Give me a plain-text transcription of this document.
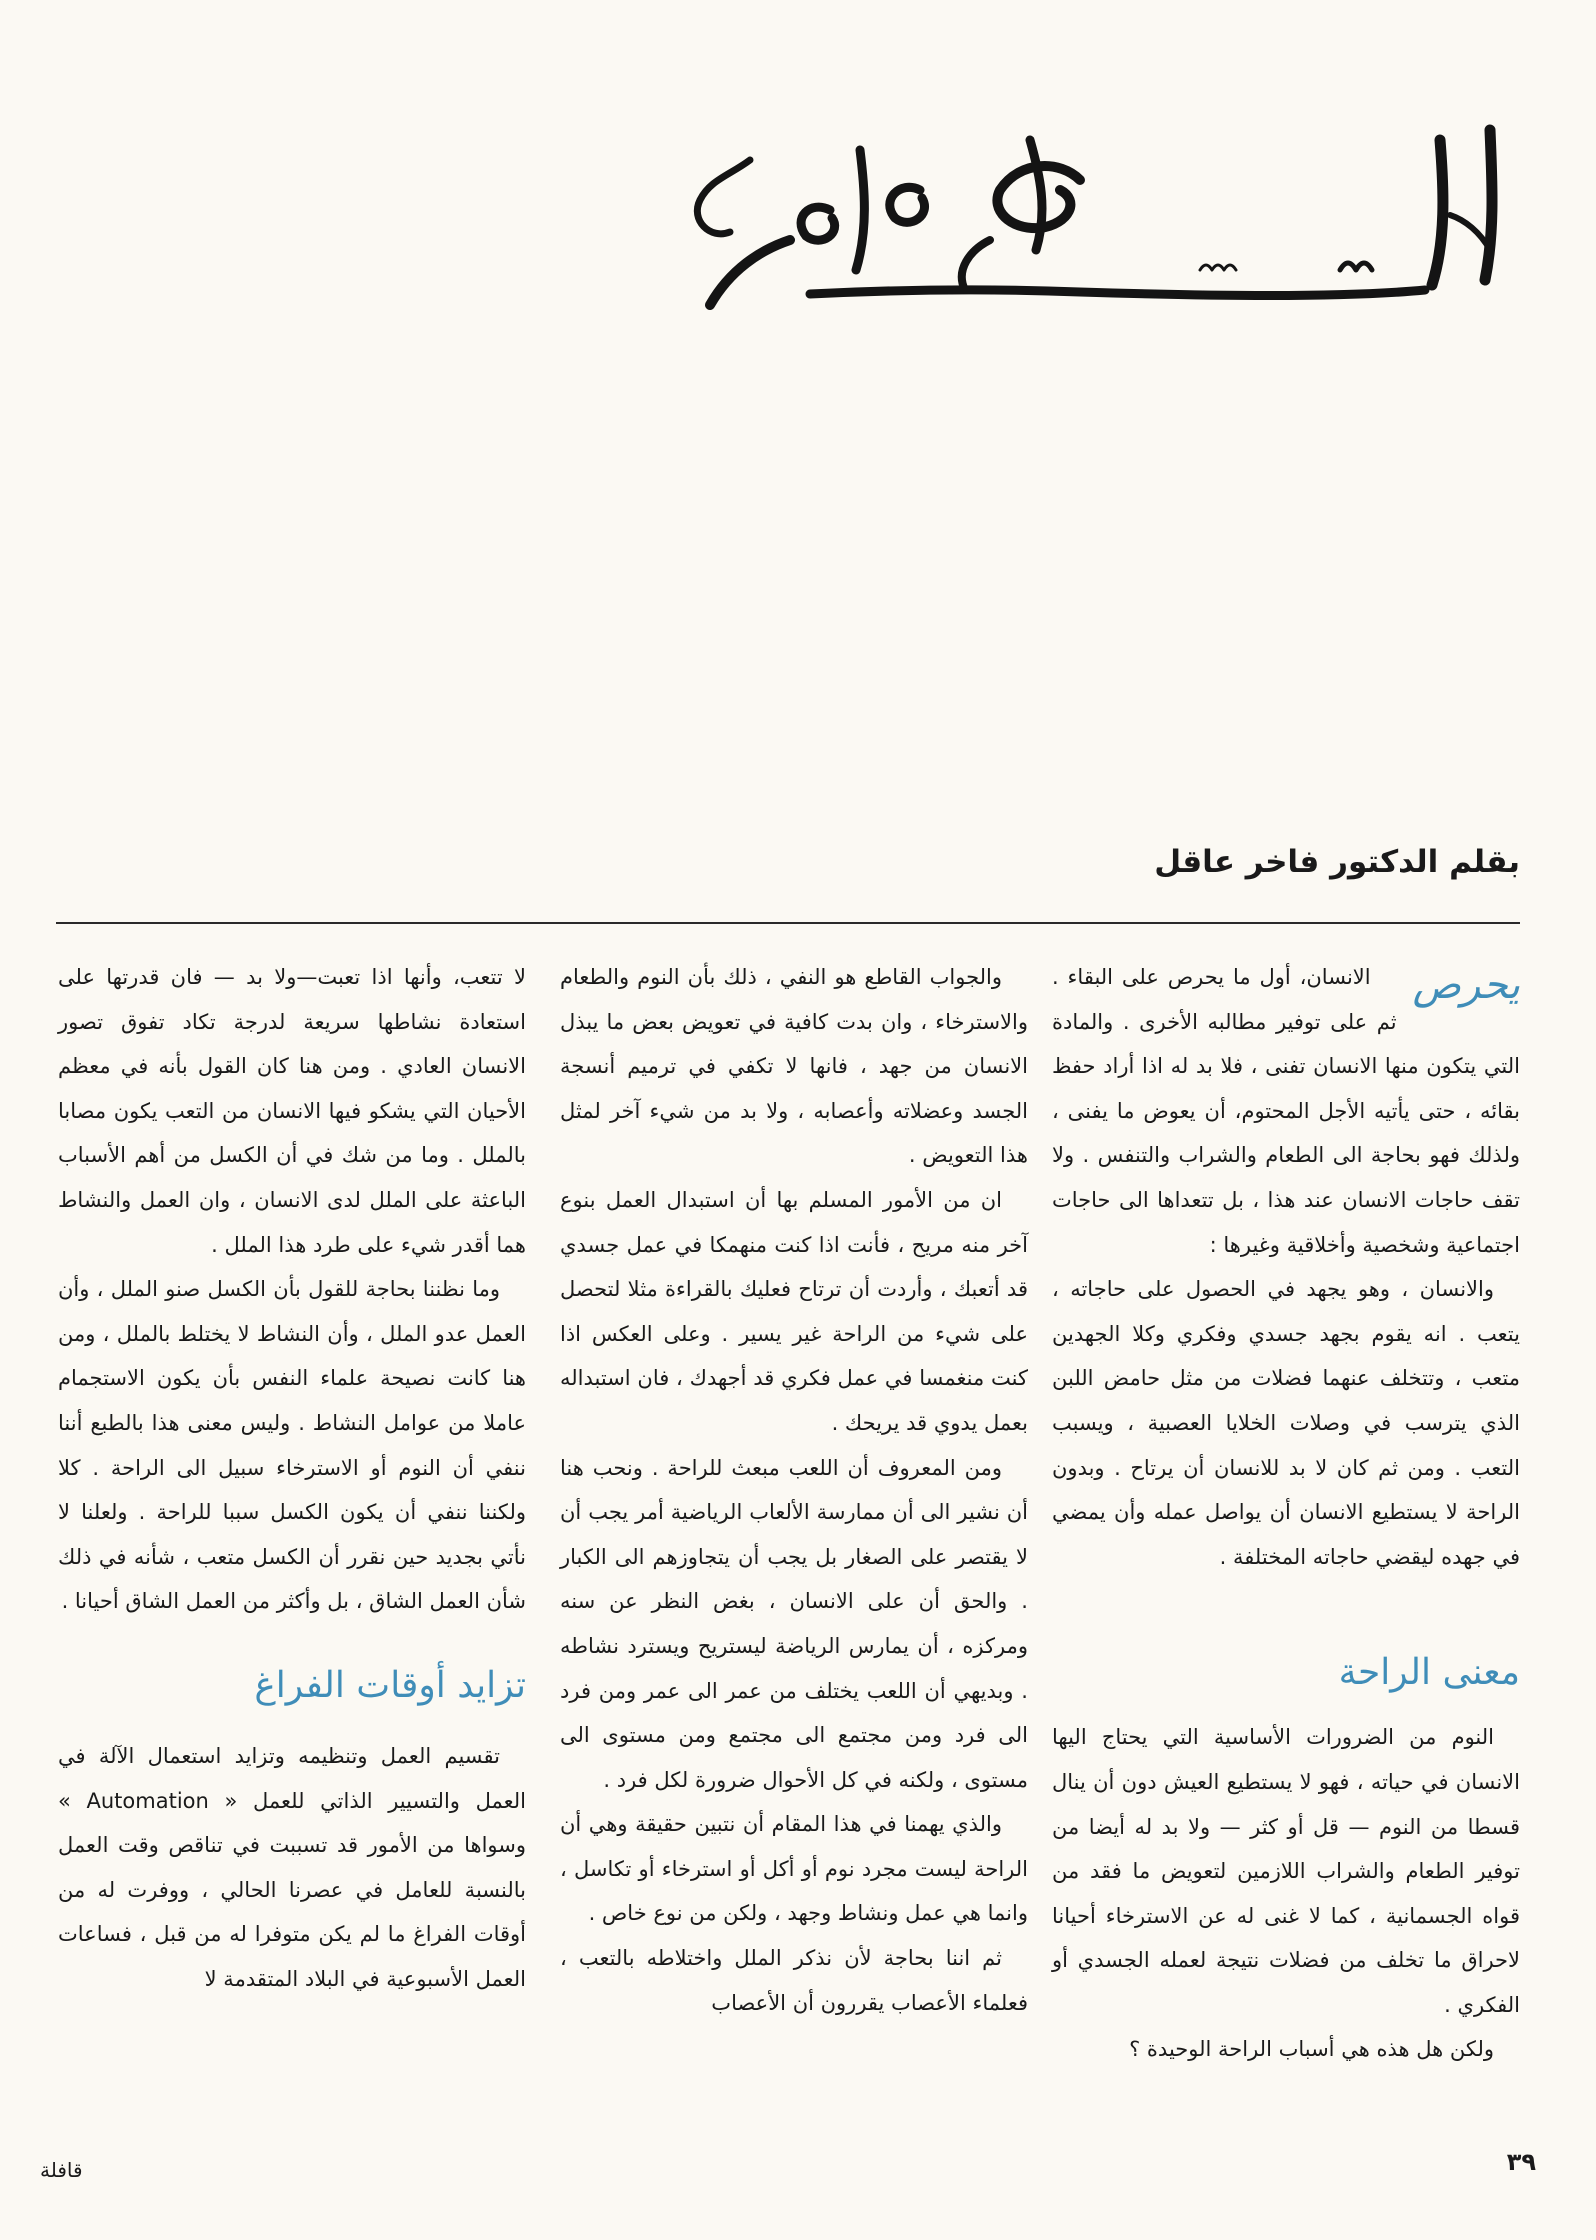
بقلم الدكتور فاخر عاقل
يحرص

الانسان، أول ما يحرص على البقاء . ثم على توفير مطالبه الأخرى . والمادة التي يتكون منها الانسان تفنى ، فلا بد له اذا أراد حفظ بقائه ، حتى يأتيه الأجل المحتوم، أن يعوض ما يفنى ، ولذلك فهو بحاجة الى الطعام والشراب والتنفس . ولا تقف حاجات الانسان عند هذا ، بل تتعداها الى حاجات اجتماعية وشخصية وأخلاقية وغيرها :

والانسان ، وهو يجهد في الحصول على حاجاته ، يتعب . انه يقوم بجهد جسدي وفكري وكلا الجهدين متعب ، وتتخلف عنهما فضلات من مثل حامض اللبن الذي يترسب في وصلات الخلايا العصبية ، ويسبب التعب . ومن ثم كان لا بد للانسان أن يرتاح . وبدون الراحة لا يستطيع الانسان أن يواصل عمله وأن يمضي في جهده ليقضي حاجاته المختلفة .

معنى الراحة

النوم من الضرورات الأساسية التي يحتاج اليها الانسان في حياته ، فهو لا يستطيع العيش دون أن ينال قسطا من النوم — قل أو كثر — ولا بد له أيضا من توفير الطعام والشراب اللازمين لتعويض ما فقد من قواه الجسمانية ، كما لا غنى له عن الاسترخاء أحيانا لاحراق ما تخلف من فضلات نتيجة لعمله الجسدي أو الفكري .

ولكن هل هذه هي أسباب الراحة الوحيدة ؟

والجواب القاطع هو النفي ، ذلك بأن النوم والطعام والاسترخاء ، وان بدت كافية في تعويض بعض ما يبذل الانسان من جهد ، فانها لا تكفي في ترميم أنسجة الجسد وعضلاته وأعصابه ، ولا بد من شيء آخر لمثل هذا التعويض .

ان من الأمور المسلم بها أن استبدال العمل بنوع آخر منه مريح ، فأنت اذا كنت منهمكا في عمل جسدي قد أتعبك ، وأردت أن ترتاح فعليك بالقراءة مثلا لتحصل على شيء من الراحة غير يسير . وعلى العكس اذا كنت منغمسا في عمل فكري قد أجهدك ، فان استبداله بعمل يدوي قد يريحك .

ومن المعروف أن اللعب مبعث للراحة . ونحب هنا أن نشير الى أن ممارسة الألعاب الرياضية أمر يجب أن لا يقتصر على الصغار بل يجب أن يتجاوزهم الى الكبار . والحق أن على الانسان ، بغض النظر عن سنه ومركزه ، أن يمارس الرياضة ليستريح ويسترد نشاطه . وبديهي أن اللعب يختلف من عمر الى عمر ومن فرد الى فرد ومن مجتمع الى مجتمع ومن مستوى الى مستوى ، ولكنه في كل الأحوال ضرورة لكل فرد .

والذي يهمنا في هذا المقام أن نتبين حقيقة وهي أن الراحة ليست مجرد نوم أو أكل أو استرخاء أو تكاسل ، وانما هي عمل ونشاط وجهد ، ولكن من نوع خاص .

ثم اننا بحاجة لأن نذكر الملل واختلاطه بالتعب ، فعلماء الأعصاب يقررون أن الأعصاب

لا تتعب، وأنها اذا تعبت—ولا بد — فان قدرتها على استعادة نشاطها سريعة لدرجة تكاد تفوق تصور الانسان العادي . ومن هنا كان القول بأنه في معظم الأحيان التي يشكو فيها الانسان من التعب يكون مصابا بالملل . وما من شك في أن الكسل من أهم الأسباب الباعثة على الملل لدى الانسان ، وان العمل والنشاط هما أقدر شيء على طرد هذا الملل .

وما نظننا بحاجة للقول بأن الكسل صنو الملل ، وأن العمل عدو الملل ، وأن النشاط لا يختلط بالملل ، ومن هنا كانت نصيحة علماء النفس بأن يكون الاستجمام عاملا من عوامل النشاط . وليس معنى هذا بالطبع أننا ننفي أن النوم أو الاسترخاء سبيل الى الراحة . كلا ولكننا ننفي أن يكون الكسل سببا للراحة . ولعلنا لا نأتي بجديد حين نقرر أن الكسل متعب ، شأنه في ذلك شأن العمل الشاق ، بل وأكثر من العمل الشاق أحيانا .

تزايد أوقات الفراغ

تقسيم العمل وتنظيمه وتزايد استعمال الآلة في العمل والتسيير الذاتي للعمل « Automation » وسواها من الأمور قد تسببت في تناقص وقت العمل بالنسبة للعامل في عصرنا الحالي ، ووفرت له من أوقات الفراغ ما لم يكن متوفرا له من قبل ، فساعات العمل الأسبوعية في البلاد المتقدمة لا

٣٩
قافلة
